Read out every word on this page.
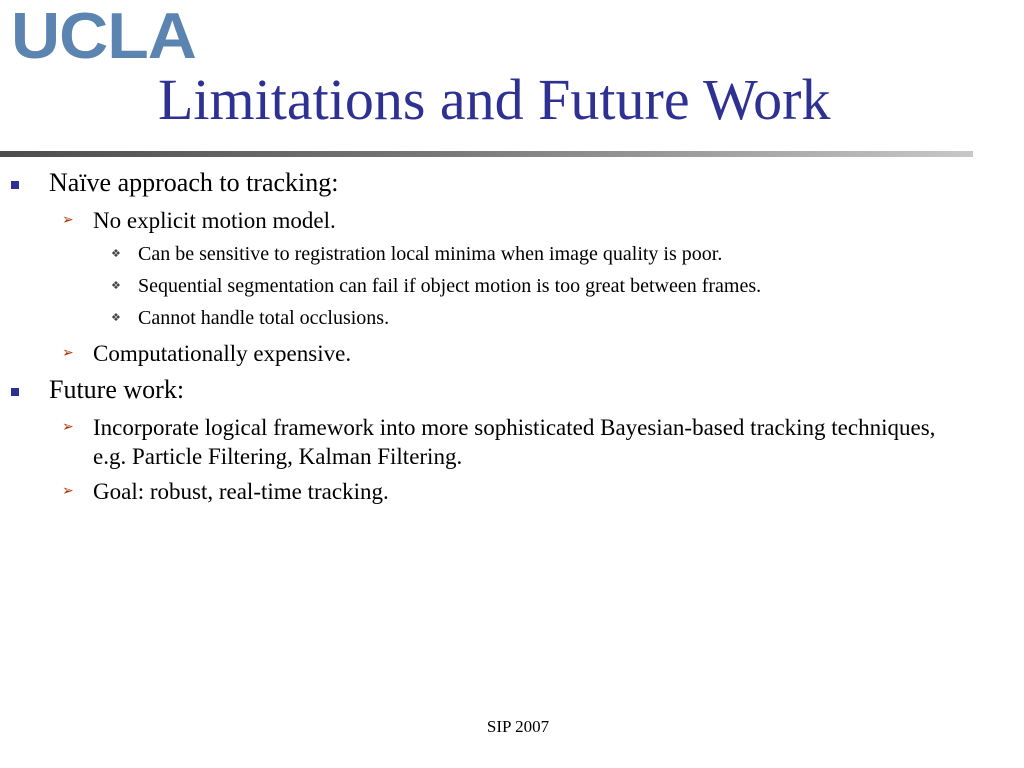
UCLA
Limitations and Future Work
Naïve approach to tracking:
➢ No explicit motion model.
❖ Can be sensitive to registration local minima when image quality is poor.
❖ Sequential segmentation can fail if object motion is too great between frames.
❖ Cannot handle total occlusions.
➢ Computationally expensive.
Future work:
➢ Incorporate logical framework into more sophisticated Bayesian-based tracking techniques, e.g. Particle Filtering, Kalman Filtering.
➢ Goal: robust, real-time tracking.
SIP 2007
